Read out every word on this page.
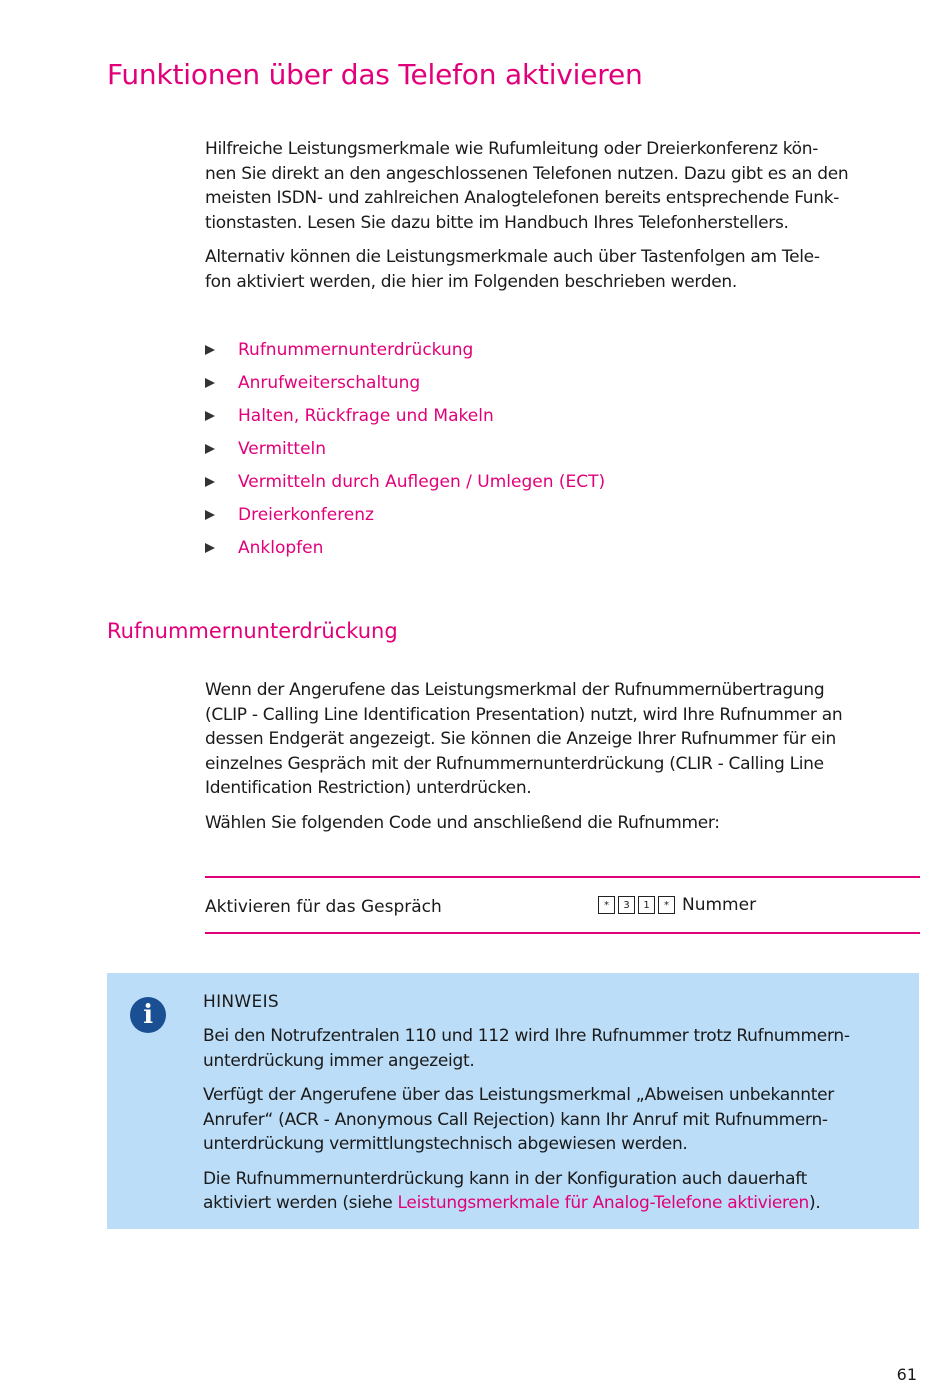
Funktionen über das Telefon aktivieren

Hilfreiche Leistungsmerkmale wie Rufumleitung oder Dreierkonferenz kön-
nen Sie direkt an den angeschlossenen Telefonen nutzen. Dazu gibt es an den
meisten ISDN- und zahlreichen Analogtelefonen bereits entsprechende Funk-
tionstasten. Lesen Sie dazu bitte im Handbuch Ihres Telefonherstellers.

Alternativ können die Leistungsmerkmale auch über Tastenfolgen am Tele-
fon aktiviert werden, die hier im Folgenden beschrieben werden.

Rufnummernunterdrückung
Anrufweiterschaltung
Halten, Rückfrage und Makeln
Vermitteln
Vermitteln durch Auflegen / Umlegen (ECT)
Dreierkonferenz
Anklopfen
Rufnummernunterdrückung

Wenn der Angerufene das Leistungsmerkmal der Rufnummernübertragung
(CLIP - Calling Line Identification Presentation) nutzt, wird Ihre Rufnummer an
dessen Endgerät angezeigt. Sie können die Anzeige Ihrer Rufnummer für ein
einzelnes Gespräch mit der Rufnummernunterdrückung (CLIR - Calling Line
Identification Restriction) unterdrücken.

Wählen Sie folgenden Code und anschließend die Rufnummer:

Aktivieren für das Gespräch	*	3	1	* Nummer
i	HINWEIS

Bei den Notrufzentralen 110 und 112 wird Ihre Rufnummer trotz Rufnummern-
unterdrückung immer angezeigt.

Verfügt der Angerufene über das Leistungsmerkmal „Abweisen unbekannter
Anrufer“ (ACR - Anonymous Call Rejection) kann Ihr Anruf mit Rufnummern-
unterdrückung vermittlungstechnisch abgewiesen werden.

Die Rufnummernunterdrückung kann in der Konfiguration auch dauerhaft
aktiviert werden (siehe Leistungsmerkmale für Analog-Telefone aktivieren).

61
